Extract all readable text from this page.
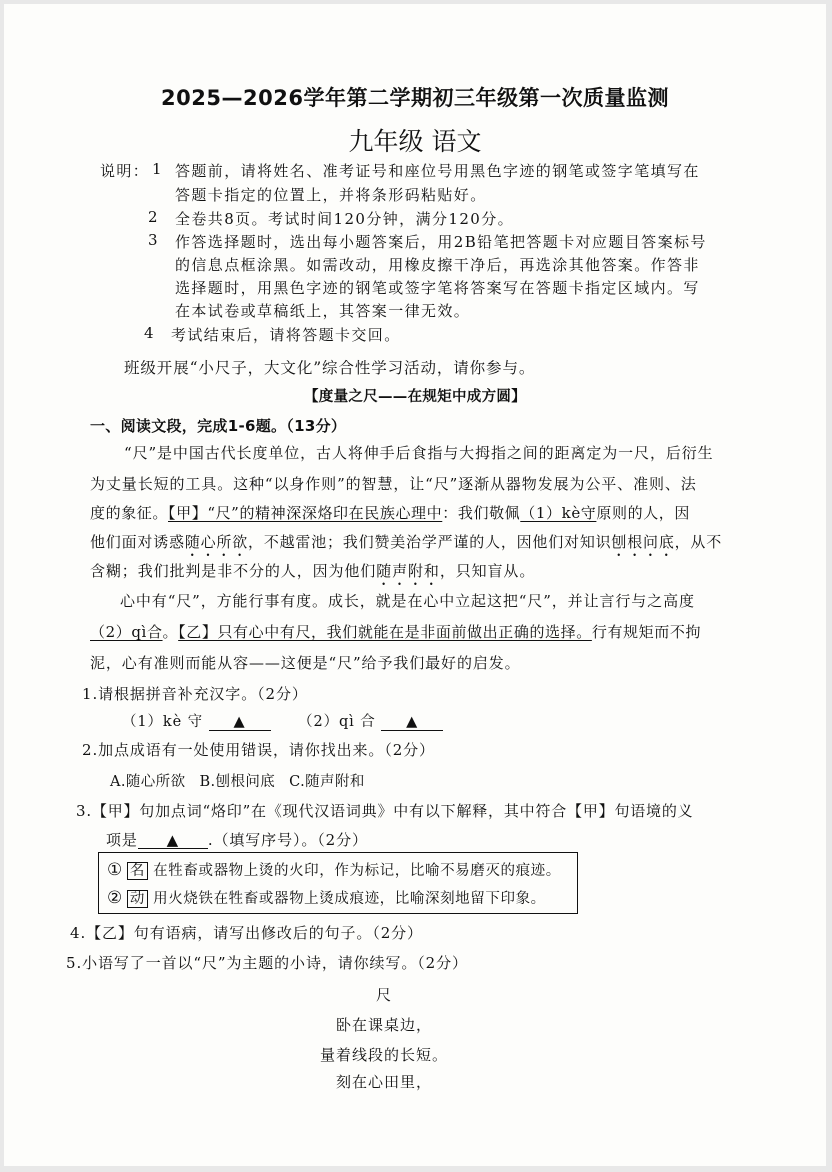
2025—2026学年第二学期初三年级第一次质量监测
九年级 语文
说明： 1 答题前，请将姓名、准考证号和座位号用黑色字迹的钢笔或签字笔填写在
答题卡指定的位置上，并将条形码粘贴好。
2 全卷共8页。考试时间120分钟，满分120分。
3 作答选择题时，选出每小题答案后，用2B铅笔把答题卡对应题目答案标号
的信息点框涂黑。如需改动，用橡皮擦干净后，再选涂其他答案。作答非
选择题时，用黑色字迹的钢笔或签字笔将答案写在答题卡指定区域内。写
在本试卷或草稿纸上，其答案一律无效。
4 考试结束后，请将答题卡交回。
班级开展“小尺子，大文化”综合性学习活动，请你参与。
【度量之尺——在规矩中成方圆】
一、阅读文段，完成1-6题。（13分）
“尺”是中国古代长度单位，古人将伸手后食指与大拇指之间的距离定为一尺，后衍生
为丈量长短的工具。这种“以身作则”的智慧，让“尺”逐渐从器物发展为公平、准则、法
度的象征。【甲】“尺”的精神深深烙印在民族心理中：我们敬佩（1）kè守原则的人，因
他们面对诱惑随心所欲，不越雷池；我们赞美治学严谨的人，因他们对知识刨根问底，从不
含糊；我们批判是非不分的人，因为他们随声附和，只知盲从。
心中有“尺”，方能行事有度。成长，就是在心中立起这把“尺”，并让言行与之高度
（2）qì合。【乙】只有心中有尺，我们就能在是非面前做出正确的选择。行有规矩而不拘
泥，心有准则而能从容——这便是“尺”给予我们最好的启发。
1.请根据拼音补充汉字。（2分）
（1）kè 守 ▲	（2）qì 合 ▲
2.加点成语有一处使用错误，请你找出来。（2分）
A.随心所欲 B.刨根问底 C.随声附和
3.【甲】句加点词“烙印”在《现代汉语词典》中有以下解释，其中符合【甲】句语境的义
项是 ▲ .（填写序号）。（2分）
① 名 在牲畜或器物上烫的火印，作为标记，比喻不易磨灭的痕迹。
② 动 用火烧铁在牲畜或器物上烫成痕迹，比喻深刻地留下印象。
4.【乙】句有语病，请写出修改后的句子。（2分）
5.小语写了一首以“尺”为主题的小诗，请你续写。（2分）
尺
卧在课桌边，
量着线段的长短。
刻在心田里，
